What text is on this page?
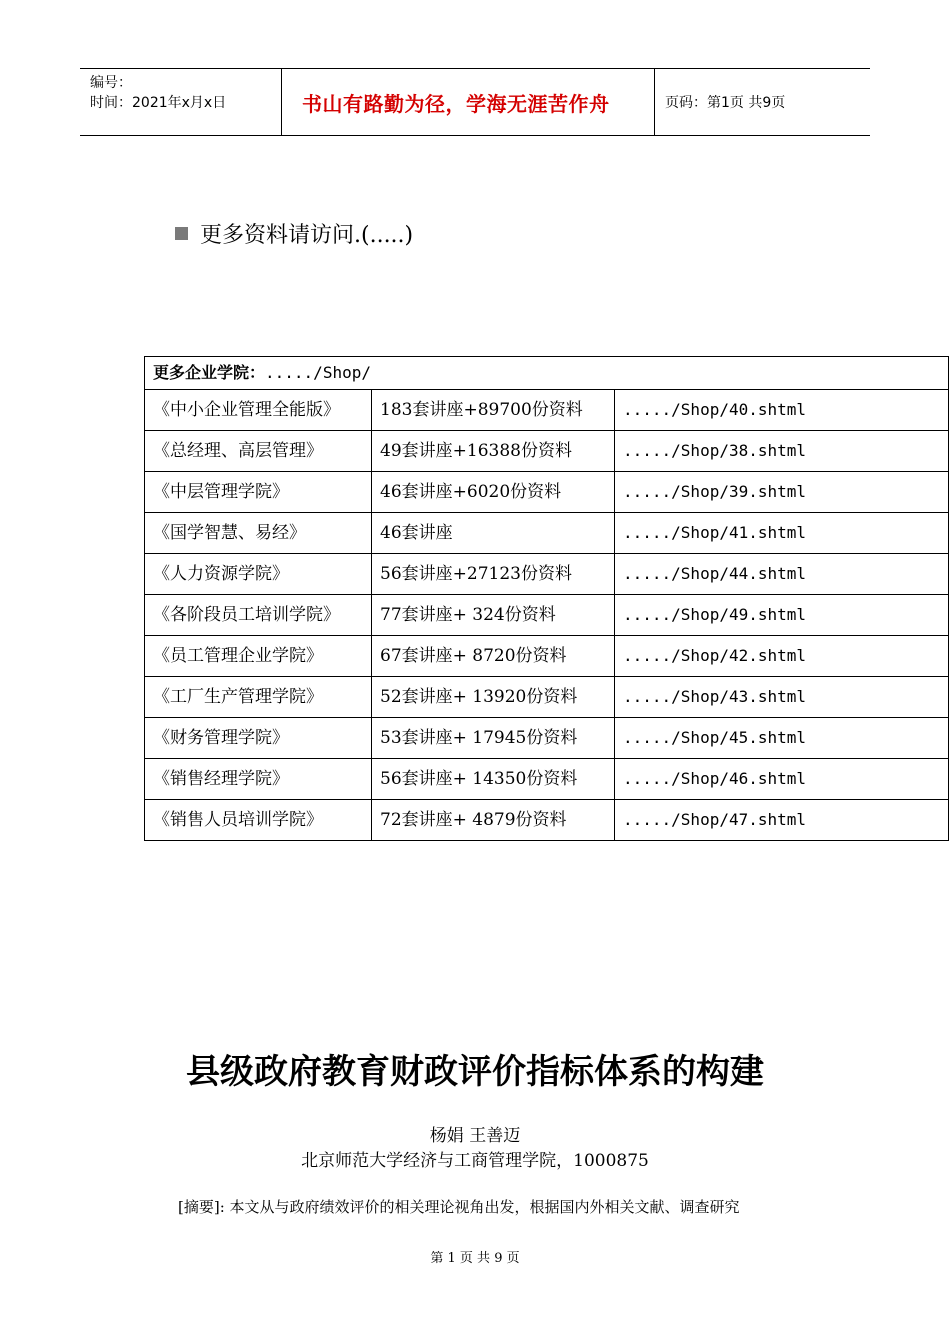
编号：
时间：2021年x月x日	书山有路勤为径，学海无涯苦作舟	页码：第1页 共9页
更多资料请访问.(.....)
更多企业学院：...../Shop/		
《中小企业管理全能版》	183套讲座+89700份资料	...../Shop/40.shtml
《总经理、高层管理》	49套讲座+16388份资料	...../Shop/38.shtml
《中层管理学院》	46套讲座+6020份资料	...../Shop/39.shtml
《国学智慧、易经》	46套讲座	...../Shop/41.shtml
《人力资源学院》	56套讲座+27123份资料	...../Shop/44.shtml
《各阶段员工培训学院》	77套讲座+ 324份资料	...../Shop/49.shtml
《员工管理企业学院》	67套讲座+ 8720份资料	...../Shop/42.shtml
《工厂生产管理学院》	52套讲座+ 13920份资料	...../Shop/43.shtml
《财务管理学院》	53套讲座+ 17945份资料	...../Shop/45.shtml
《销售经理学院》	56套讲座+ 14350份资料	...../Shop/46.shtml
《销售人员培训学院》	72套讲座+ 4879份资料	...../Shop/47.shtml
县级政府教育财政评价指标体系的构建
杨娟 王善迈
北京师范大学经济与工商管理学院，1000875
[摘要]: 本文从与政府绩效评价的相关理论视角出发，根据国内外相关文献、调查研究
第 1 页 共 9 页
